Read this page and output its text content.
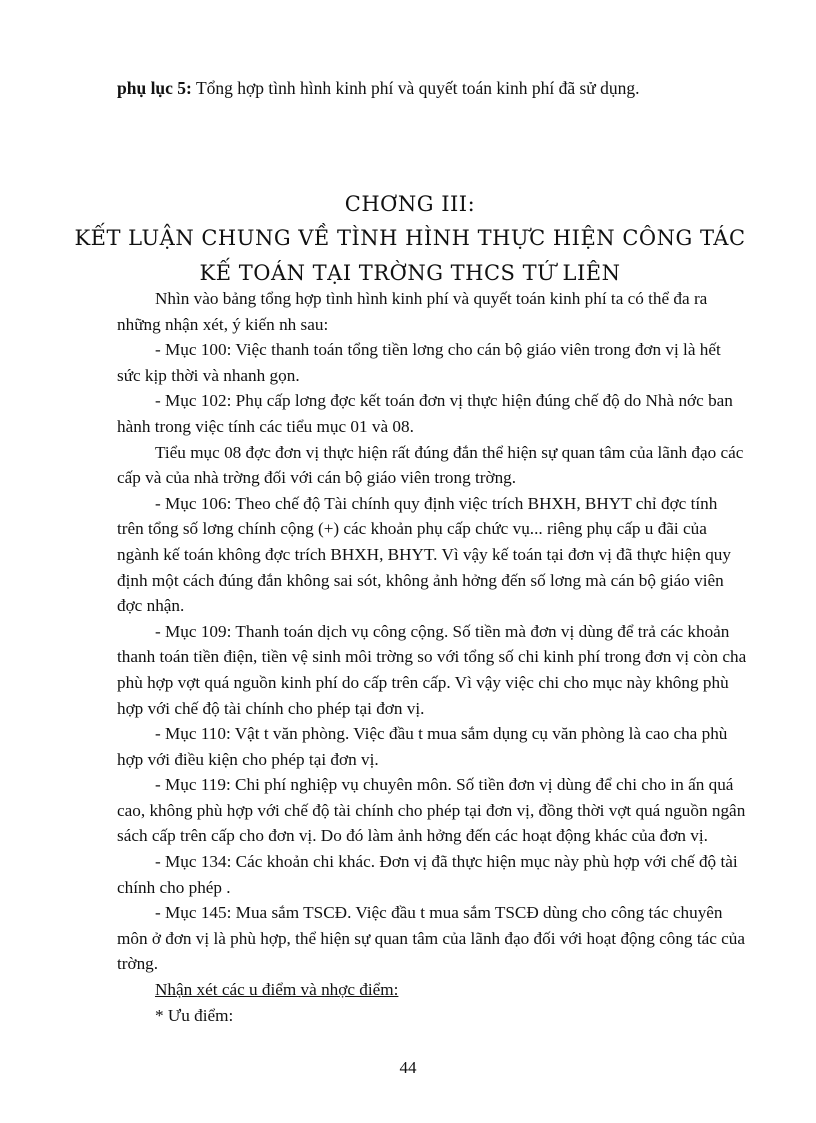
phụ lục 5: Tổng hợp tình hình kinh phí và quyết toán kinh phí đã sử dụng.
CHƠNG III:
KẾT LUẬN CHUNG VỀ TÌNH HÌNH THỰC HIỆN CÔNG TÁC
KẾ TOÁN TẠI TRỜNG THCS TỨ LIÊN

Nhìn vào bảng tổng hợp tình hình kinh phí và quyết toán kinh phí ta có thể đa ra những nhận xét, ý kiến nh sau:

- Mục 100: Việc thanh toán tổng tiền lơng cho cán bộ giáo viên trong đơn vị là hết sức kịp thời và nhanh gọn.

- Mục 102: Phụ cấp lơng đợc kết toán đơn vị thực hiện đúng chế độ do Nhà nớc ban hành trong việc tính các tiểu mục 01 và 08.

Tiểu mục 08 đợc đơn vị thực hiện rất đúng đắn thể hiện sự quan tâm của lãnh đạo các cấp và của nhà trờng đối với cán bộ giáo viên trong trờng.

- Mục 106: Theo chế độ Tài chính quy định việc trích BHXH, BHYT chỉ đợc tính trên tổng số lơng chính cộng (+) các khoản phụ cấp chức vụ... riêng phụ cấp u đãi của ngành kế toán không đợc trích BHXH, BHYT. Vì vậy kế toán tại đơn vị đã thực hiện quy định một cách đúng đắn không sai sót, không ảnh hởng đến số lơng mà cán bộ giáo viên đợc nhận.

- Mục 109: Thanh toán dịch vụ công cộng. Số tiền mà đơn vị dùng để trả các khoản thanh toán tiền điện, tiền vệ sinh môi trờng so với tổng số chi kinh phí trong đơn vị còn cha phù hợp vợt quá nguồn kinh phí do cấp trên cấp. Vì vậy việc chi cho mục này không phù hợp với chế độ tài chính cho phép tại đơn vị.

- Mục 110: Vật t văn phòng. Việc đầu t mua sắm dụng cụ văn phòng là cao cha phù hợp với điều kiện cho phép tại đơn vị.

- Mục 119: Chi phí nghiệp vụ chuyên môn. Số tiền đơn vị dùng để chi cho in ấn quá cao, không phù hợp với chế độ tài chính cho phép tại đơn vị, đồng thời vợt quá nguồn ngân sách cấp trên cấp cho đơn vị. Do đó làm ảnh hởng đến các hoạt động khác của đơn vị.

- Mục 134: Các khoản chi khác. Đơn vị đã thực hiện mục này phù hợp với chế độ tài chính cho phép .

- Mục 145: Mua sắm TSCĐ. Việc đầu t mua sắm TSCĐ dùng cho công tác chuyên môn ở đơn vị là phù hợp, thể hiện sự quan tâm của lãnh đạo đối với hoạt động công tác của trờng.

Nhận xét các u điểm và nhợc điểm:

* Ưu điểm:

44
